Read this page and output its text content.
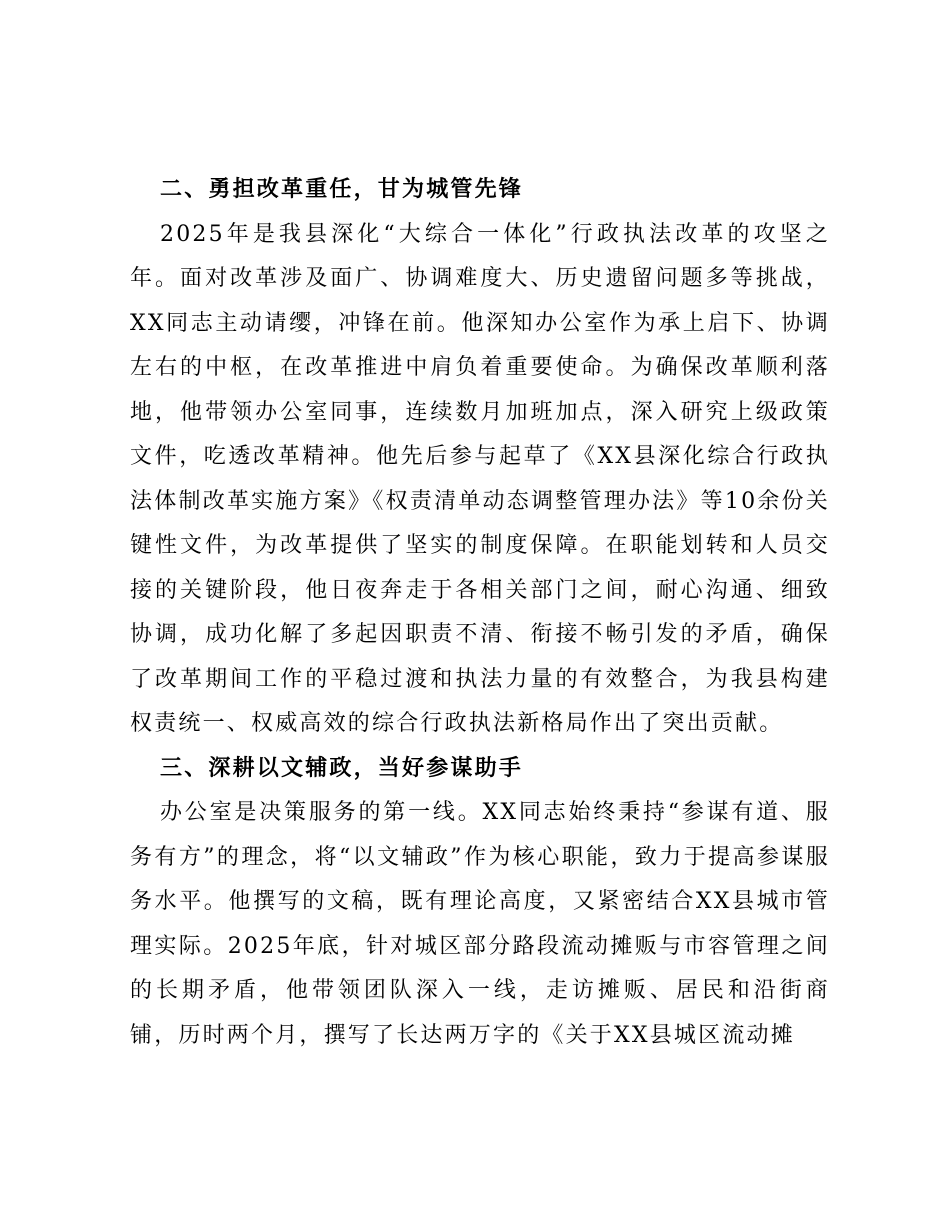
二、勇担改革重任，甘为城管先锋

2025年是我县深化“大综合一体化”行政执法改革的攻坚之年。面对改革涉及面广、协调难度大、历史遗留问题多等挑战，XX同志主动请缨，冲锋在前。他深知办公室作为承上启下、协调左右的中枢，在改革推进中肩负着重要使命。为确保改革顺利落地，他带领办公室同事，连续数月加班加点，深入研究上级政策文件，吃透改革精神。他先后参与起草了《XX县深化综合行政执法体制改革实施方案》《权责清单动态调整管理办法》等10余份关键性文件，为改革提供了坚实的制度保障。在职能划转和人员交接的关键阶段，他日夜奔走于各相关部门之间，耐心沟通、细致协调，成功化解了多起因职责不清、衔接不畅引发的矛盾，确保了改革期间工作的平稳过渡和执法力量的有效整合，为我县构建权责统一、权威高效的综合行政执法新格局作出了突出贡献。

三、深耕以文辅政，当好参谋助手

办公室是决策服务的第一线。XX同志始终秉持“参谋有道、服务有方”的理念，将“以文辅政”作为核心职能，致力于提高参谋服务水平。他撰写的文稿，既有理论高度，又紧密结合XX县城市管理实际。2025年底，针对城区部分路段流动摊贩与市容管理之间的长期矛盾，他带领团队深入一线，走访摊贩、居民和沿街商铺，历时两个月，撰写了长达两万字的《关于XX县城区流动摊
